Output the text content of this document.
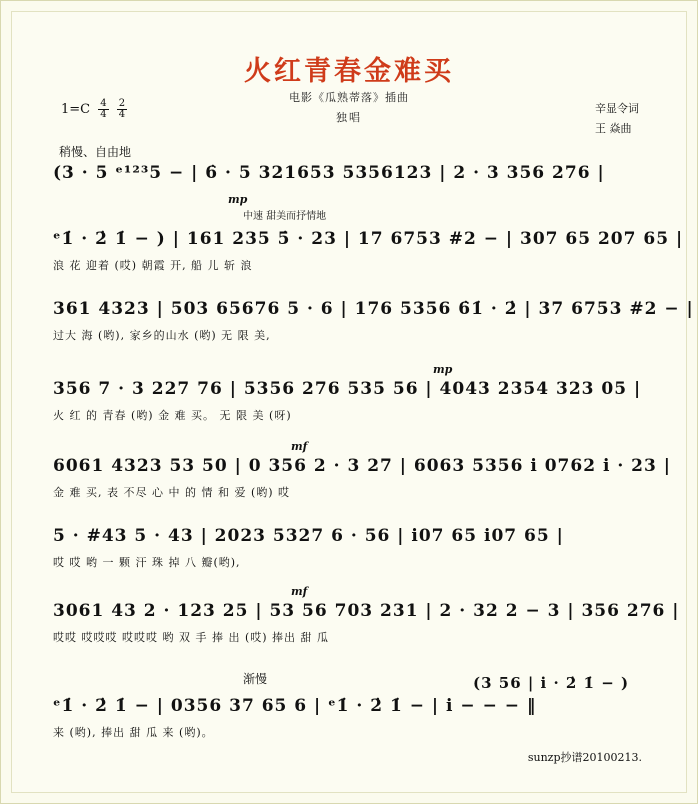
火红青春金难买
电影《瓜熟蒂落》插曲
独唱
$1=C \frac{4}{4}$
$\frac{2}{4}$	辛显令词
王 焱曲
稍慢、自由地
(3 · 5 ᵉ¹²³5 − | 6̇ · 5 321653 5356123 | 2 · 3 356 276 |
中速 甜美而抒情地
mp
ᵉ1̇ · 2̇ 1̇ − ) | 161 235 5̇ · 23 | 17 6753 #2 − | 307 65 207 65 |
浪 花 迎着 (哎) 朝霞 开, 船 儿 斩 浪
361 4323 | 503 65676 5 · 6 | 176 5356 6̇1̇ · 2̇ | 37 6753 #2 − |
过大 海 (哟), 家乡的山水 (哟) 无 限 美,
mp
356 7 · 3 227 76 | 5356 276 535 56 | 4043 2354 323 05 |
火 红 的 青春 (哟) 金 难 买。 无 限 美 (呀)
mf
6061 4323 53 50 | 0 356 2 · 3 27 | 6063 5356 i 0762 i · 23 |
金 难 买, 表 不尽 心 中 的 情 和 爱 (哟) 哎
5 · #43 5 · 43 | 2023 5327 6 · 56 | i07 65 i07 65 |
哎 哎 哟 一 颗 汗 珠 掉 八 瓣(哟),
mf
3061 43 2 · 123 25 | 53 56 703 231 | 2 · 32 2 − 3 | 356 276 |
哎哎 哎哎哎 哎哎哎 哟 双 手 捧 出 (哎) 捧出 甜 瓜
渐慢	(3 56 | i · 2̇ 1̇ − )
ᵉ1̇ · 2̇ 1̇ − | 0356 37 65 6 | ᵉ1̇ · 2̇ 1̇ − | i − − − ‖
来 (哟), 捧出 甜 瓜 来 (哟)。
sunzp抄谱20100213.
